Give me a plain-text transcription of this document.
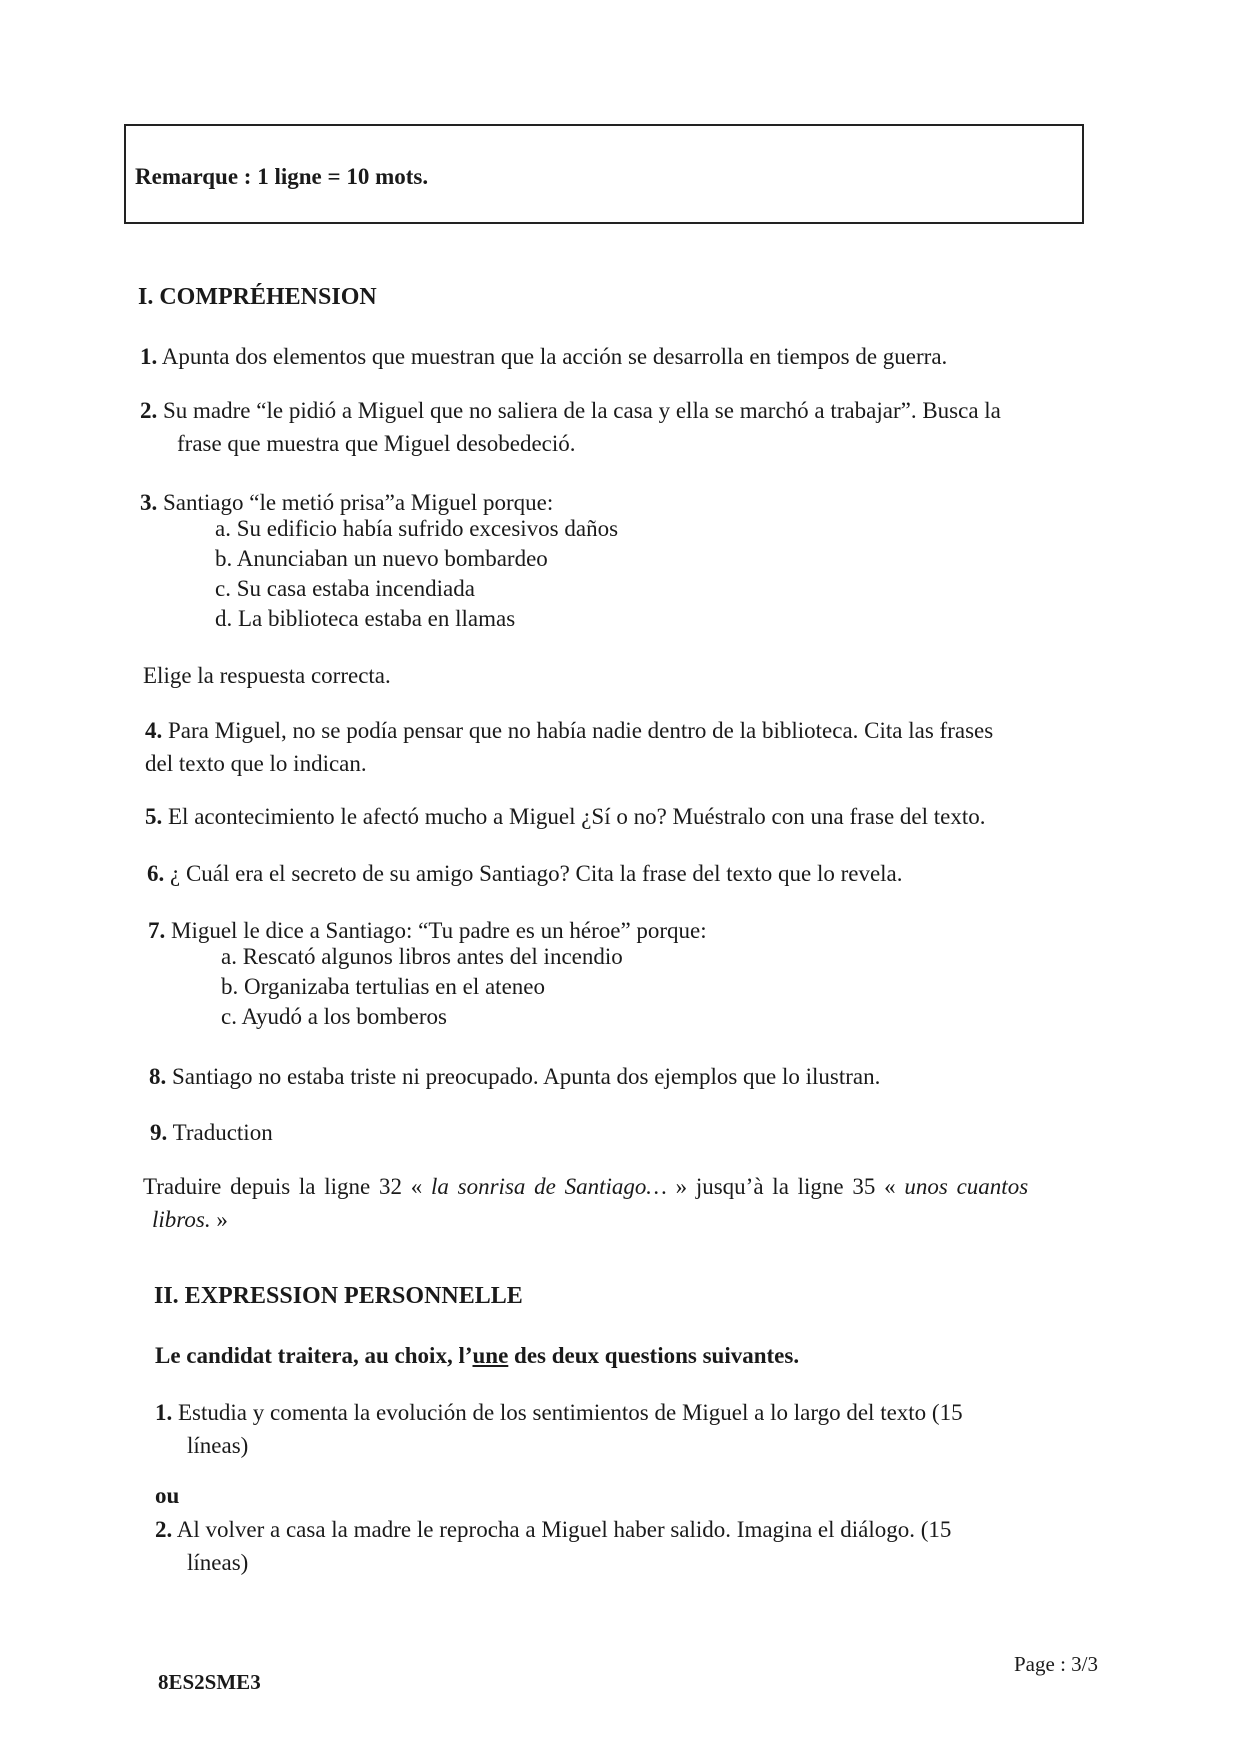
Remarque : 1 ligne = 10 mots.
I. COMPRÉHENSION
1. Apunta dos elementos que muestran que la acción se desarrolla en tiempos de guerra.
2. Su madre “le pidió a Miguel que no saliera de la casa y ella se marchó a trabajar”. Busca la
frase que muestra que Miguel desobedeció.
3. Santiago “le metió prisa”a Miguel porque:
a. Su edificio había sufrido excesivos daños
b. Anunciaban un nuevo bombardeo
c. Su casa estaba incendiada
d. La biblioteca estaba en llamas
Elige la respuesta correcta.
4. Para Miguel, no se podía pensar que no había nadie dentro de la biblioteca. Cita las frases
del texto que lo indican.
5. El acontecimiento le afectó mucho a Miguel ¿Sí o no? Muéstralo con una frase del texto.
6. ¿ Cuál era el secreto de su amigo Santiago? Cita la frase del texto que lo revela.
7. Miguel le dice a Santiago: “Tu padre es un héroe” porque:
a. Rescató algunos libros antes del incendio
b. Organizaba tertulias en el ateneo
c. Ayudó a los bomberos
8. Santiago no estaba triste ni preocupado. Apunta dos ejemplos que lo ilustran.
9. Traduction
Traduire depuis la ligne 32 « la sonrisa de Santiago… » jusqu’à la ligne 35 « unos cuantos
libros. »
II. EXPRESSION PERSONNELLE
Le candidat traitera, au choix, l’une des deux questions suivantes.
1. Estudia y comenta la evolución de los sentimientos de Miguel a lo largo del texto (15
líneas)
ou
2. Al volver a casa la madre le reprocha a Miguel haber salido. Imagina el diálogo. (15
líneas)
8ES2SME3
Page : 3/3
